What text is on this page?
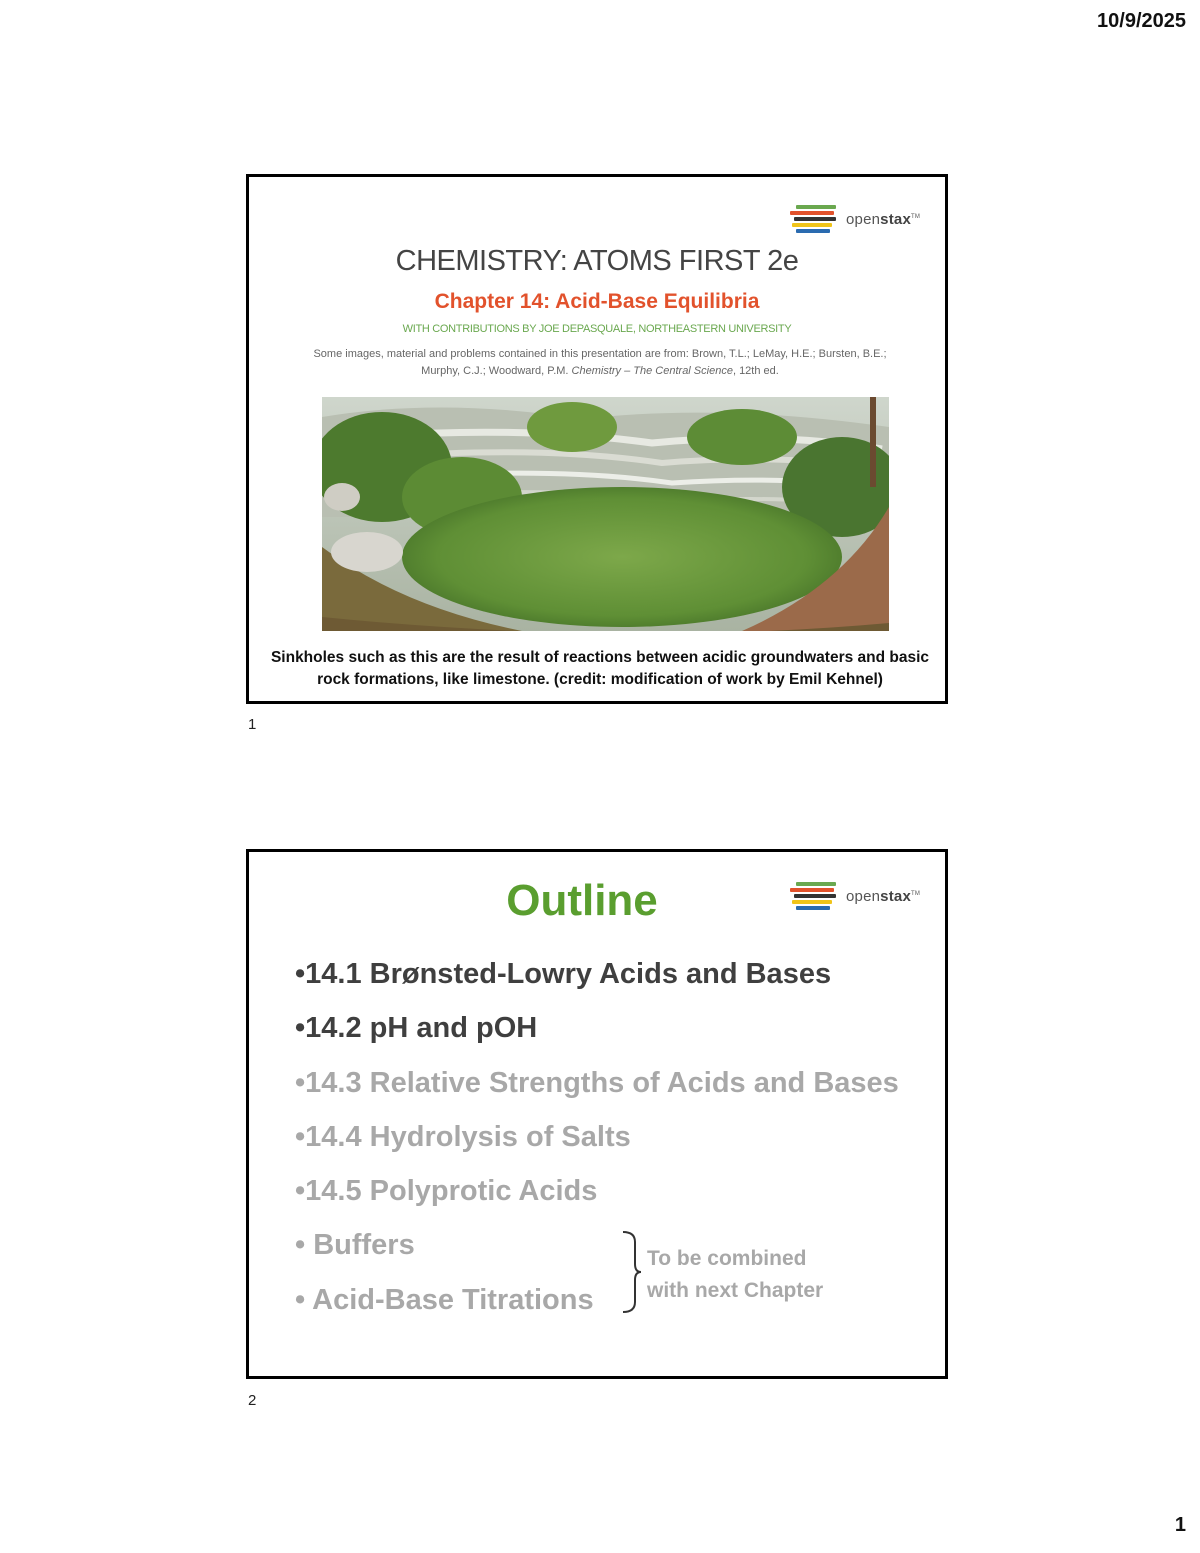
10/9/2025
openstax™
CHEMISTRY: ATOMS FIRST 2e
Chapter 14: Acid-Base Equilibria
WITH CONTRIBUTIONS BY JOE DEPASQUALE, NORTHEASTERN UNIVERSITY
Some images, material and problems contained in this presentation are from: Brown, T.L.; LeMay, H.E.; Bursten, B.E.; Murphy, C.J.; Woodward, P.M. Chemistry – The Central Science, 12th ed.
Sinkholes such as this are the result of reactions between acidic groundwaters and basic rock formations, like limestone. (credit: modification of work by Emil Kehnel)
1
openstax™
Outline
•14.1 Brønsted-Lowry Acids and Bases
•14.2 pH and pOH
•14.3 Relative Strengths of Acids and Bases
•14.4 Hydrolysis of Salts
•14.5 Polyprotic Acids
• Buffers
• Acid-Base Titrations
To be combined
with next Chapter
2
1
